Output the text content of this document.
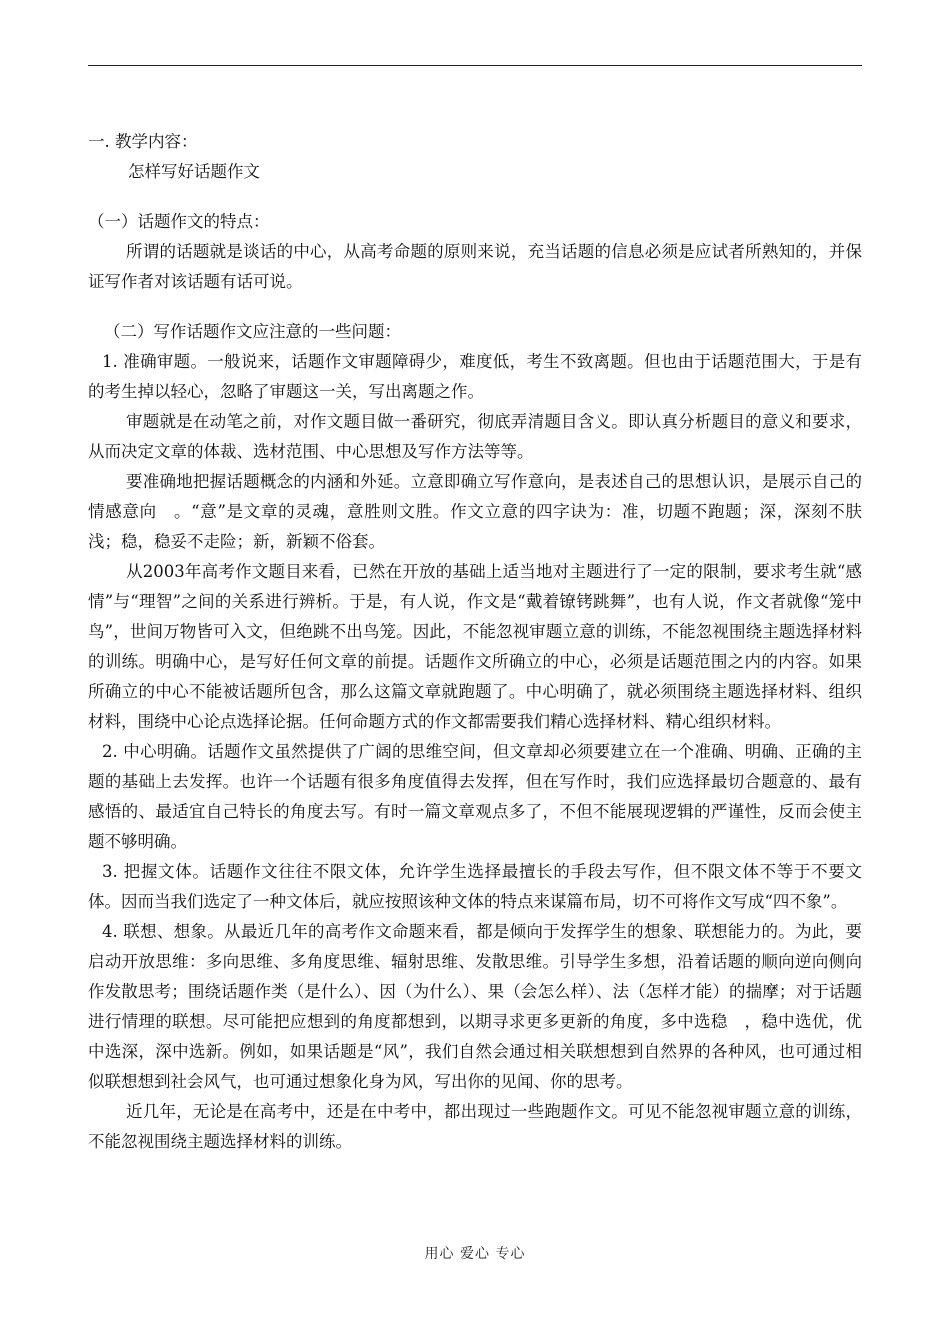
一. 教学内容：

怎样写好话题作文

（一）话题作文的特点：

所谓的话题就是谈话的中心，从高考命题的原则来说，充当话题的信息必须是应试者所熟知的，并保证写作者对该话题有话可说。

（二）写作话题作文应注意的一些问题：

1. 准确审题。一般说来，话题作文审题障碍少，难度低，考生不致离题。但也由于话题范围大，于是有的考生掉以轻心，忽略了审题这一关，写出离题之作。

审题就是在动笔之前，对作文题目做一番研究，彻底弄清题目含义。即认真分析题目的意义和要求，从而决定文章的体裁、选材范围、中心思想及写作方法等等。

要准确地把握话题概念的内涵和外延。立意即确立写作意向，是表述自己的思想认识，是展示自己的情感意向　。“意”是文章的灵魂，意胜则文胜。作文立意的四字诀为：准，切题不跑题；深，深刻不肤浅；稳，稳妥不走险；新，新颖不俗套。

从2003年高考作文题目来看，已然在开放的基础上适当地对主题进行了一定的限制，要求考生就“感情”与“理智”之间的关系进行辨析。于是，有人说，作文是“戴着镣铐跳舞”，也有人说，作文者就像“笼中鸟”，世间万物皆可入文，但绝跳不出鸟笼。因此，不能忽视审题立意的训练，不能忽视围绕主题选择材料的训练。明确中心，是写好任何文章的前提。话题作文所确立的中心，必须是话题范围之内的内容。如果所确立的中心不能被话题所包含，那么这篇文章就跑题了。中心明确了，就必须围绕主题选择材料、组织材料，围绕中心论点选择论据。任何命题方式的作文都需要我们精心选择材料、精心组织材料。

2. 中心明确。话题作文虽然提供了广阔的思维空间，但文章却必须要建立在一个准确、明确、正确的主题的基础上去发挥。也许一个话题有很多角度值得去发挥，但在写作时，我们应选择最切合题意的、最有感悟的、最适宜自己特长的角度去写。有时一篇文章观点多了，不但不能展现逻辑的严谨性，反而会使主题不够明确。

3. 把握文体。话题作文往往不限文体，允许学生选择最擅长的手段去写作，但不限文体不等于不要文体。因而当我们选定了一种文体后，就应按照该种文体的特点来谋篇布局，切不可将作文写成“四不象”。

4. 联想、想象。从最近几年的高考作文命题来看，都是倾向于发挥学生的想象、联想能力的。为此，要启动开放思维：多向思维、多角度思维、辐射思维、发散思维。引导学生多想，沿着话题的顺向逆向侧向作发散思考；围绕话题作类（是什么）、因（为什么）、果（会怎么样）、法（怎样才能）的揣摩；对于话题进行情理的联想。尽可能把应想到的角度都想到，以期寻求更多更新的角度，多中选稳　，稳中选优，优中选深，深中选新。例如，如果话题是“风”，我们自然会通过相关联想想到自然界的各种风，也可通过相似联想想到社会风气，也可通过想象化身为风，写出你的见闻、你的思考。

近几年，无论是在高考中，还是在中考中，都出现过一些跑题作文。可见不能忽视审题立意的训练，不能忽视围绕主题选择材料的训练。

用心 爱心 专心
